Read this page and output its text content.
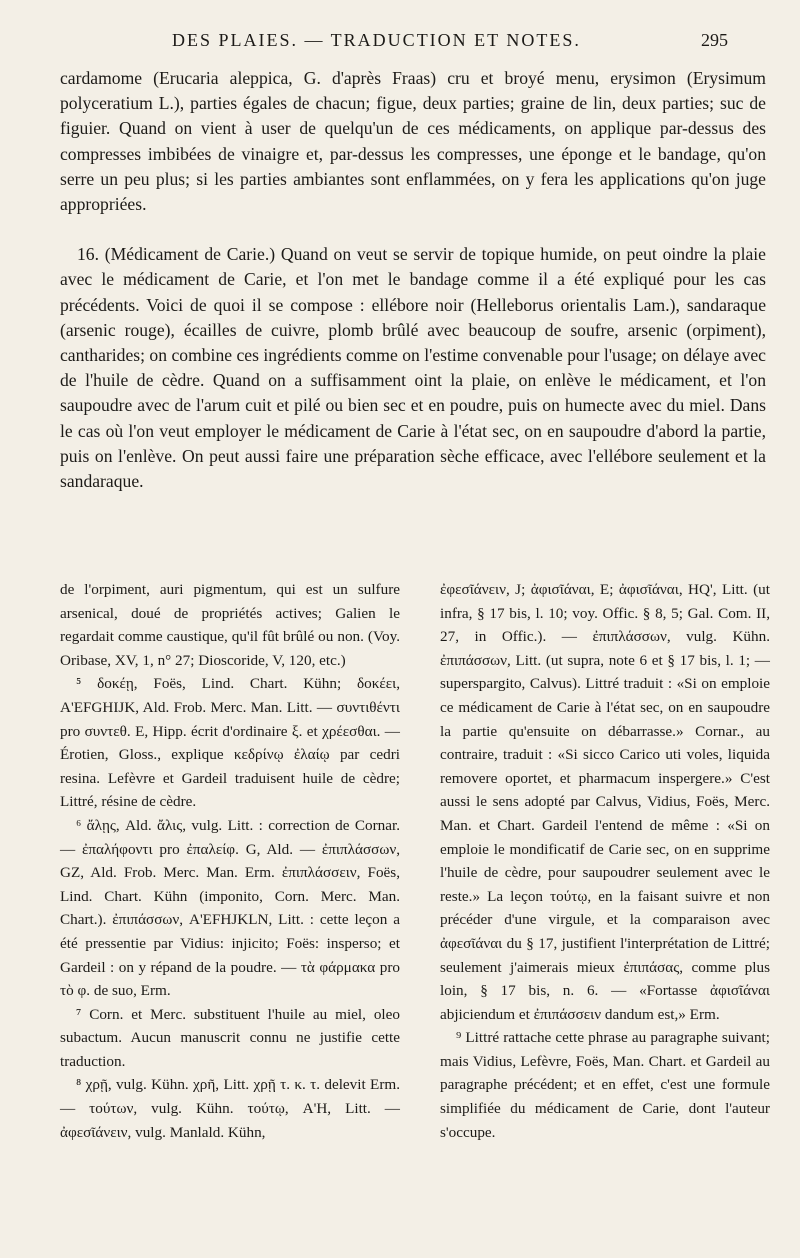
DES PLAIES. — TRADUCTION ET NOTES.	295

cardamome (Erucaria aleppica, G. d'après Fraas) cru et broyé menu, erysimon (Erysimum polyceratium L.), parties égales de chacun; figue, deux parties; graine de lin, deux parties; suc de figuier. Quand on vient à user de quelqu'un de ces médicaments, on applique par-dessus des compresses imbibées de vinaigre et, par-dessus les compresses, une éponge et le bandage, qu'on serre un peu plus; si les parties ambiantes sont enflammées, on y fera les applications qu'on juge appropriées.

16. (Médicament de Carie.) Quand on veut se servir de topique humide, on peut oindre la plaie avec le médicament de Carie, et l'on met le bandage comme il a été expliqué pour les cas précédents. Voici de quoi il se compose : ellébore noir (Helleborus orientalis Lam.), sandaraque (arsenic rouge), écailles de cuivre, plomb brûlé avec beaucoup de soufre, arsenic (orpiment), cantharides; on combine ces ingrédients comme on l'estime convenable pour l'usage; on délaye avec de l'huile de cèdre. Quand on a suffisamment oint la plaie, on enlève le médicament, et l'on saupoudre avec de l'arum cuit et pilé ou bien sec et en poudre, puis on humecte avec du miel. Dans le cas où l'on veut employer le médicament de Carie à l'état sec, on en saupoudre d'abord la partie, puis on l'enlève. On peut aussi faire une préparation sèche efficace, avec l'ellébore seulement et la sandaraque.

de l'orpiment, auri pigmentum, qui est un sulfure arsenical, doué de propriétés actives; Galien le regardait comme caustique, qu'il fût brûlé ou non. (Voy. Oribase, XV, 1, n° 27; Dioscoride, V, 120, etc.)

⁵ δοκέῃ, Foës, Lind. Chart. Kühn; δοκέει, A'EFGHIJK, Ald. Frob. Merc. Man. Litt. — συντιθέντι pro συντεθ. E, Hipp. écrit d'ordinaire ξ. et χρέεσθαι. — Érotien, Gloss., explique κεδρίνῳ ἐλαίῳ par cedri resina. Lefèvre et Gardeil traduisent huile de cèdre; Littré, résine de cèdre.

⁶ ἄλῃς, Ald. ἄλις, vulg. Litt. : correction de Cornar. — ἐπαλήφοντι pro ἐπαλείφ. G, Ald. — ἐπιπλάσσων, GZ, Ald. Frob. Merc. Man. Erm. ἐπιπλάσσειν, Foës, Lind. Chart. Kühn (imponito, Corn. Merc. Man. Chart.). ἐπιπάσσων, A'EFHJKLN, Litt. : cette leçon a été pressentie par Vidius: injicito; Foës: insperso; et Gardeil : on y répand de la poudre. — τὰ φάρμακα pro τὸ φ. de suo, Erm.

⁷ Corn. et Merc. substituent l'huile au miel, oleo subactum. Aucun manuscrit connu ne justifie cette traduction.

⁸ χρῇ, vulg. Kühn. χρῆ, Litt. χρῇ τ. κ. τ. delevit Erm. — τούτων, vulg. Kühn. τούτῳ, A'H, Litt. — ἀφεσῖάνειν, vulg. Manlald. Kühn,

ἐφεσῖάνειν, J; ἀφισῖάναι, E; ἀφισῖάναι, HQ', Litt. (ut infra, § 17 bis, l. 10; voy. Offic. § 8, 5; Gal. Com. II, 27, in Offic.). — ἐπιπλάσσων, vulg. Kühn. ἐπιπάσσων, Litt. (ut supra, note 6 et § 17 bis, l. 1; — superspargito, Calvus). Littré traduit : «Si on emploie ce médicament de Carie à l'état sec, on en saupoudre la partie qu'ensuite on débarrasse.» Cornar., au contraire, traduit : «Si sicco Carico uti voles, liquida removere oportet, et pharmacum inspergere.» C'est aussi le sens adopté par Calvus, Vidius, Foës, Merc. Man. et Chart. Gardeil l'entend de même : «Si on emploie le mondificatif de Carie sec, on en supprime l'huile de cèdre, pour saupoudrer seulement avec le reste.» La leçon τούτῳ, en la faisant suivre et non précéder d'une virgule, et la comparaison avec ἀφεσῖάναι du § 17, justifient l'interprétation de Littré; seulement j'aimerais mieux ἐπιπάσας, comme plus loin, § 17 bis, n. 6. — «Fortasse ἀφισῖάναι abjiciendum et ἐπιπάσσειν dandum est,» Erm.

⁹ Littré rattache cette phrase au paragraphe suivant; mais Vidius, Lefèvre, Foës, Man. Chart. et Gardeil au paragraphe précédent; et en effet, c'est une formule simplifiée du médicament de Carie, dont l'auteur s'occupe.
